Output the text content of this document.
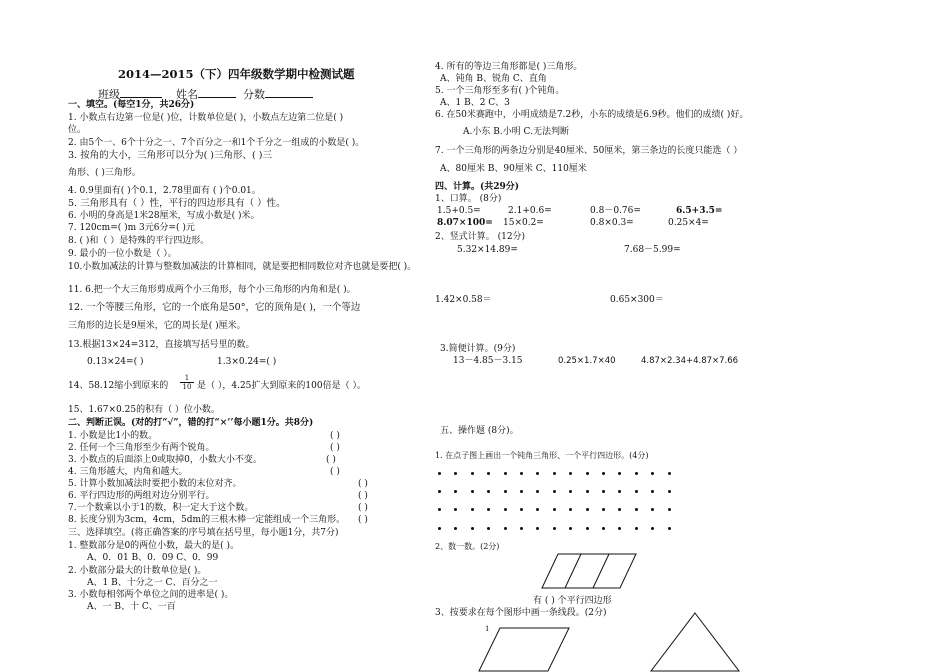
2014—2015（下）四年级数学期中检测试题
班级	姓名	分数
一、填空。(每空1分，共26分)
1. 小数点右边第一位是( )位，计数单位是( )，小数点左边第二位是( )
位。
2. 由5个一、6个十分之一、7个百分之一和1个千分之一组成的小数是( )。
3. 按角的大小，三角形可以分为( )三角形、( )三
角形、( )三角形。
4. 0.9里面有( )个0.1，2.78里面有 ( )个0.01。
5. 三角形具有（ ）性，平行的四边形具有（ ）性。
6. 小明的身高是1米28厘米，写成小数是( )米。
7. 120cm=( )m 3元6分=( )元
8. ( )和（ ）是特殊的平行四边形。
9. 最小的一位小数是（ ）。
10.小数加减法的计算与整数加减法的计算相同，就是要把相同数位对齐也就是要把( )。
11. 6.把一个大三角形剪成两个小三角形，每个小三角形的内角和是( )。
12. 一个等腰三角形，它的一个底角是50°，它的顶角是( )，一个等边
三角形的边长是9厘米，它的周长是( )厘米。
13.根据13×24=312，直接填写括号里的数。
0.13×24=( )	1.3×0.24=( )
14、58.12缩小到原来的
1
10 是（ ），4.25扩大到原来的100倍是（ ）。
15、1.67×0.25的积有（ ）位小数。
二、判断正误。(对的打“√”，错的打“×’’每小题1分。共8分)
1. 小数是比1小的数。	( )
2. 任何一个三角形至少有两个锐角。	( )
3. 小数点的后面添上0或取掉0，小数大小不变。	( )
4. 三角形越大，内角和越大。	( )
5. 计算小数加减法时要把小数的末位对齐。	( )
6. 平行四边形的两组对边分别平行。	( )
7.一个数乘以小于1的数，积一定大于这个数。	( )
8. 长度分别为3cm，4cm，5dm的三根木棒一定能组成一个三角形。 ( )
三、选择填空。(将正确答案的序号填在括号里，每小题1分，共7分)
1. 整数部分是0的两位小数，最大的是( )。
A、0．01 B、0．09 C、0．99
2. 小数部分最大的计数单位是( )。
A、1 B、十分之一 C、百分之一
3. 小数每相邻两个单位之间的进率是( )。
A、一 B、十 C、一百
4. 所有的等边三角形都是( )三角形。
A、钝角 B、锐角 C、直角
5. 一个三角形至多有( )个钝角。
A、1 B、2 C、3
6. 在50米赛跑中，小明成绩是7.2秒，小东的成绩是6.9秒。他们的成绩( )好。
A.小东 B.小明 C.无法判断
7. 一个三角形的两条边分别是40厘米、50厘米，第三条边的长度只能选（ ）
A、80厘米 B、90厘米 C、110厘米
四、计算。(共29分)
1、口算。 (8分)
1.5+0.5=	2.1+0.6=	0.8－0.76=	6.5+3.5=
8.07×100= 15×0.2=	0.8×0.3=	0.25×4=
2、竖式计算。 (12分)
5.32×14.89=	7.68－5.99=
1.42×0.58＝	0.65×300＝
3.简便计算。(9分)
13－4.85－3.15	0.25×1.7×40	4.87×2.34+4.87×7.66
五、操作题 (8分)。
1. 在点子图上画出一个钝角三角形、一个平行四边形。(4分)
2、数一数。(2分)
有 ( ) 个平行四边形
3、按要求在每个图形中画一条线段。(2分)
1
